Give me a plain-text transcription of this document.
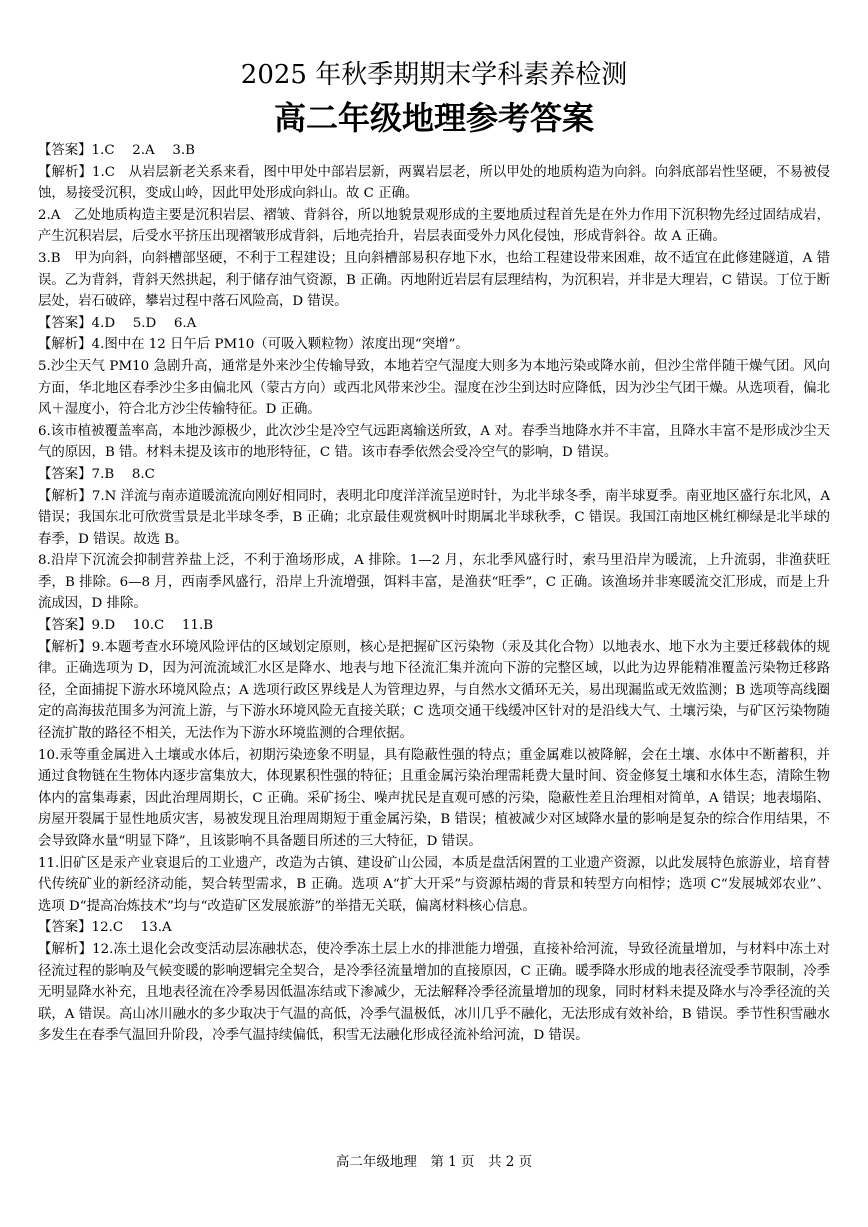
2025 年秋季期期末学科素养检测
高二年级地理参考答案

【答案】1.C　 2.A　 3.B

【解析】1.C　从岩层新老关系来看，图中甲处中部岩层新，两翼岩层老，所以甲处的地质构造为向斜。向斜底部岩性坚硬，不易被侵蚀，易接受沉积，变成山岭，因此甲处形成向斜山。故 C 正确。

2.A　乙处地质构造主要是沉积岩层、褶皱、背斜谷，所以地貌景观形成的主要地质过程首先是在外力作用下沉积物先经过固结成岩，产生沉积岩层，后受水平挤压出现褶皱形成背斜，后地壳抬升，岩层表面受外力风化侵蚀，形成背斜谷。故 A 正确。

3.B　甲为向斜，向斜槽部坚硬，不利于工程建设；且向斜槽部易积存地下水，也给工程建设带来困难，故不适宜在此修建隧道，A 错误。乙为背斜，背斜天然拱起，利于储存油气资源，B 正确。丙地附近岩层有层理结构，为沉积岩，并非是大理岩，C 错误。丁位于断层处，岩石破碎，攀岩过程中落石风险高，D 错误。

【答案】4.D　 5.D　 6.A

【解析】4.图中在 12 日午后 PM10（可吸入颗粒物）浓度出现“突增”。

5.沙尘天气 PM10 急剧升高，通常是外来沙尘传输导致，本地若空气湿度大则多为本地污染或降水前，但沙尘常伴随干燥气团。风向方面，华北地区春季沙尘多由偏北风（蒙古方向）或西北风带来沙尘。湿度在沙尘到达时应降低，因为沙尘气团干燥。从选项看，偏北风＋湿度小，符合北方沙尘传输特征。D 正确。

6.该市植被覆盖率高，本地沙源极少，此次沙尘是冷空气远距离输送所致，A 对。春季当地降水并不丰富，且降水丰富不是形成沙尘天气的原因，B 错。材料未提及该市的地形特征，C 错。该市春季依然会受冷空气的影响，D 错误。

【答案】7.B　 8.C

【解析】7.N 洋流与南赤道暖流流向刚好相同时，表明北印度洋洋流呈逆时针，为北半球冬季，南半球夏季。南亚地区盛行东北风，A 错误；我国东北可欣赏雪景是北半球冬季，B 正确；北京最佳观赏枫叶时期属北半球秋季，C 错误。我国江南地区桃红柳绿是北半球的春季，D 错误。故选 B。

8.沿岸下沉流会抑制营养盐上泛，不利于渔场形成，A 排除。1—2 月，东北季风盛行时，索马里沿岸为暖流，上升流弱，非渔获旺季，B 排除。6—8 月，西南季风盛行，沿岸上升流增强，饵料丰富，是渔获“旺季”，C 正确。该渔场并非寒暖流交汇形成，而是上升流成因，D 排除。

【答案】9.D　 10.C　 11.B

【解析】9.本题考查水环境风险评估的区域划定原则，核心是把握矿区污染物（汞及其化合物）以地表水、地下水为主要迁移载体的规律。正确选项为 D，因为河流流域汇水区是降水、地表与地下径流汇集并流向下游的完整区域，以此为边界能精准覆盖污染物迁移路径，全面捕捉下游水环境风险点；A 选项行政区界线是人为管理边界，与自然水文循环无关，易出现漏监或无效监测；B 选项等高线圈定的高海拔范围多为河流上游，与下游水环境风险无直接关联；C 选项交通干线缓冲区针对的是沿线大气、土壤污染，与矿区污染物随径流扩散的路径不相关，无法作为下游水环境监测的合理依据。

10.汞等重金属进入土壤或水体后，初期污染迹象不明显，具有隐蔽性强的特点；重金属难以被降解，会在土壤、水体中不断蓄积，并通过食物链在生物体内逐步富集放大，体现累积性强的特征；且重金属污染治理需耗费大量时间、资金修复土壤和水体生态，清除生物体内的富集毒素，因此治理周期长，C 正确。采矿扬尘、噪声扰民是直观可感的污染，隐蔽性差且治理相对简单，A 错误；地表塌陷、房屋开裂属于显性地质灾害，易被发现且治理周期短于重金属污染，B 错误；植被减少对区域降水量的影响是复杂的综合作用结果，不会导致降水量“明显下降”，且该影响不具备题目所述的三大特征，D 错误。

11.旧矿区是汞产业衰退后的工业遗产，改造为古镇、建设矿山公园，本质是盘活闲置的工业遗产资源，以此发展特色旅游业，培育替代传统矿业的新经济动能，契合转型需求，B 正确。选项 A“扩大开采”与资源枯竭的背景和转型方向相悖；选项 C“发展城郊农业”、选项 D“提高冶炼技术”均与“改造矿区发展旅游”的举措无关联，偏离材料核心信息。

【答案】12.C　 13.A

【解析】12.冻土退化会改变活动层冻融状态，使冷季冻土层上水的排泄能力增强，直接补给河流，导致径流量增加，与材料中冻土对径流过程的影响及气候变暖的影响逻辑完全契合，是冷季径流量增加的直接原因，C 正确。暖季降水形成的地表径流受季节限制，冷季无明显降水补充，且地表径流在冷季易因低温冻结或下渗减少，无法解释冷季径流量增加的现象，同时材料未提及降水与冷季径流的关联，A 错误。高山冰川融水的多少取决于气温的高低，冷季气温极低，冰川几乎不融化，无法形成有效补给，B 错误。季节性积雪融水多发生在春季气温回升阶段，冷季气温持续偏低，积雪无法融化形成径流补给河流，D 错误。

高二年级地理　第 1 页　共 2 页
